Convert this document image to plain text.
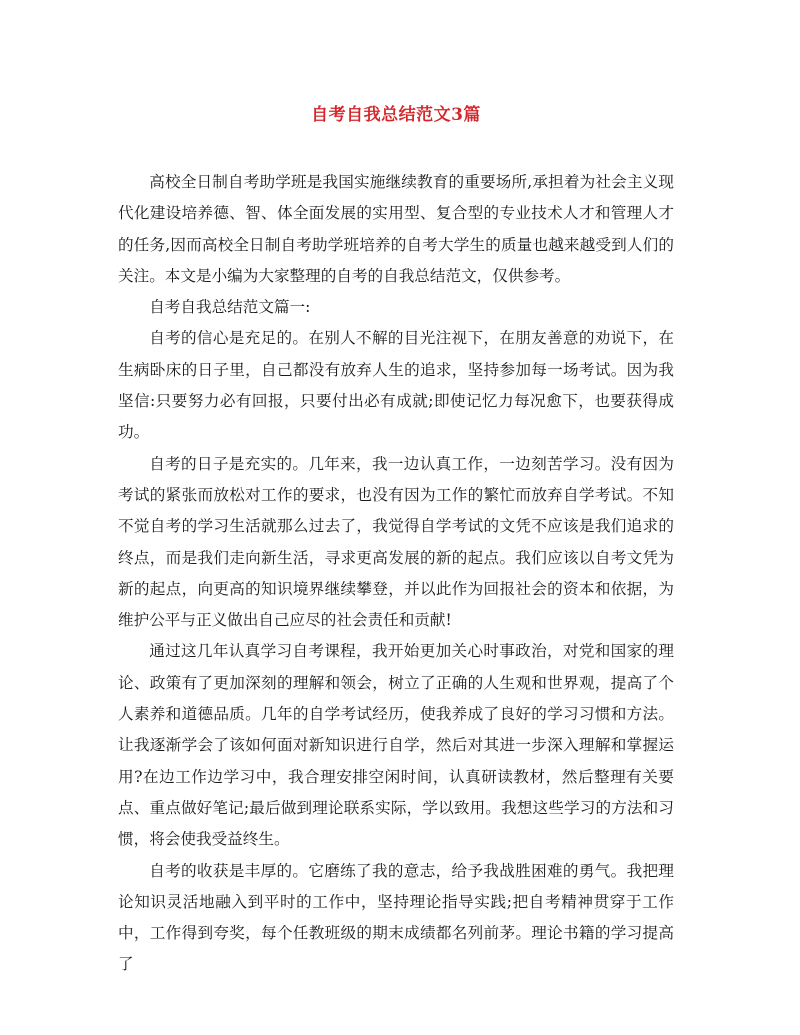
自考自我总结范文3篇

高校全日制自考助学班是我国实施继续教育的重要场所,承担着为社会主义现代化建设培养德、智、体全面发展的实用型、复合型的专业技术人才和管理人才的任务,因而高校全日制自考助学班培养的自考大学生的质量也越来越受到人们的关注。本文是小编为大家整理的自考的自我总结范文，仅供参考。

自考自我总结范文篇一:

自考的信心是充足的。在别人不解的目光注视下，在朋友善意的劝说下，在生病卧床的日子里，自己都没有放弃人生的追求，坚持参加每一场考试。因为我坚信:只要努力必有回报，只要付出必有成就;即使记忆力每况愈下，也要获得成功。

自考的日子是充实的。几年来，我一边认真工作，一边刻苦学习。没有因为考试的紧张而放松对工作的要求，也没有因为工作的繁忙而放弃自学考试。不知不觉自考的学习生活就那么过去了，我觉得自学考试的文凭不应该是我们追求的终点，而是我们走向新生活，寻求更高发展的新的起点。我们应该以自考文凭为新的起点，向更高的知识境界继续攀登，并以此作为回报社会的资本和依据，为维护公平与正义做出自己应尽的社会责任和贡献!

通过这几年认真学习自考课程，我开始更加关心时事政治，对党和国家的理论、政策有了更加深刻的理解和领会，树立了正确的人生观和世界观，提高了个人素养和道德品质。几年的自学考试经历，使我养成了良好的学习习惯和方法。让我逐渐学会了该如何面对新知识进行自学，然后对其进一步深入理解和掌握运用?在边工作边学习中，我合理安排空闲时间，认真研读教材，然后整理有关要点、重点做好笔记;最后做到理论联系实际，学以致用。我想这些学习的方法和习惯，将会使我受益终生。

自考的收获是丰厚的。它磨练了我的意志，给予我战胜困难的勇气。我把理论知识灵活地融入到平时的工作中，坚持理论指导实践;把自考精神贯穿于工作中，工作得到夸奖，每个任教班级的期末成绩都名列前茅。理论书籍的学习提高了
